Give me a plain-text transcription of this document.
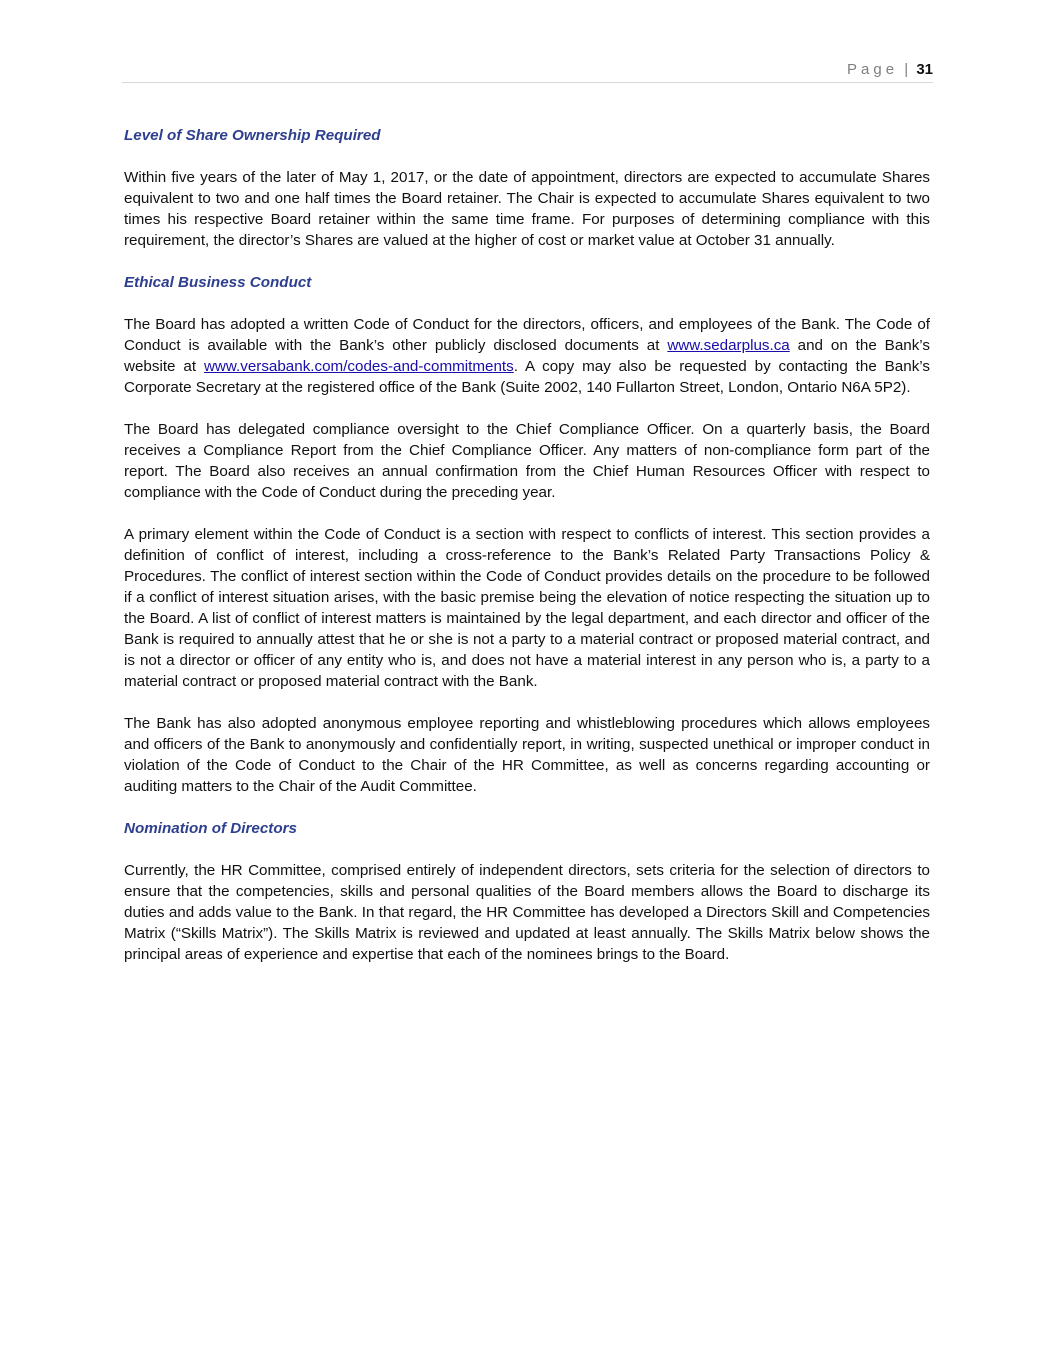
Page | 31
Level of Share Ownership Required

Within five years of the later of May 1, 2017, or the date of appointment, directors are expected to accumulate Shares equivalent to two and one half times the Board retainer. The Chair is expected to accumulate Shares equivalent to two times his respective Board retainer within the same time frame. For purposes of determining compliance with this requirement, the director’s Shares are valued at the higher of cost or market value at October 31 annually.

Ethical Business Conduct

The Board has adopted a written Code of Conduct for the directors, officers, and employees of the Bank. The Code of Conduct is available with the Bank’s other publicly disclosed documents at www.sedarplus.ca and on the Bank’s website at www.versabank.com/codes-and-commitments. A copy may also be requested by contacting the Bank’s Corporate Secretary at the registered office of the Bank (Suite 2002, 140 Fullarton Street, London, Ontario N6A 5P2).

The Board has delegated compliance oversight to the Chief Compliance Officer. On a quarterly basis, the Board receives a Compliance Report from the Chief Compliance Officer. Any matters of non-compliance form part of the report. The Board also receives an annual confirmation from the Chief Human Resources Officer with respect to compliance with the Code of Conduct during the preceding year.

A primary element within the Code of Conduct is a section with respect to conflicts of interest. This section provides a definition of conflict of interest, including a cross-reference to the Bank’s Related Party Transactions Policy & Procedures. The conflict of interest section within the Code of Conduct provides details on the procedure to be followed if a conflict of interest situation arises, with the basic premise being the elevation of notice respecting the situation up to the Board. A list of conflict of interest matters is maintained by the legal department, and each director and officer of the Bank is required to annually attest that he or she is not a party to a material contract or proposed material contract, and is not a director or officer of any entity who is, and does not have a material interest in any person who is, a party to a material contract or proposed material contract with the Bank.

The Bank has also adopted anonymous employee reporting and whistleblowing procedures which allows employees and officers of the Bank to anonymously and confidentially report, in writing, suspected unethical or improper conduct in violation of the Code of Conduct to the Chair of the HR Committee, as well as concerns regarding accounting or auditing matters to the Chair of the Audit Committee.

Nomination of Directors

Currently, the HR Committee, comprised entirely of independent directors, sets criteria for the selection of directors to ensure that the competencies, skills and personal qualities of the Board members allows the Board to discharge its duties and adds value to the Bank. In that regard, the HR Committee has developed a Directors Skill and Competencies Matrix (“Skills Matrix”). The Skills Matrix is reviewed and updated at least annually. The Skills Matrix below shows the principal areas of experience and expertise that each of the nominees brings to the Board.
